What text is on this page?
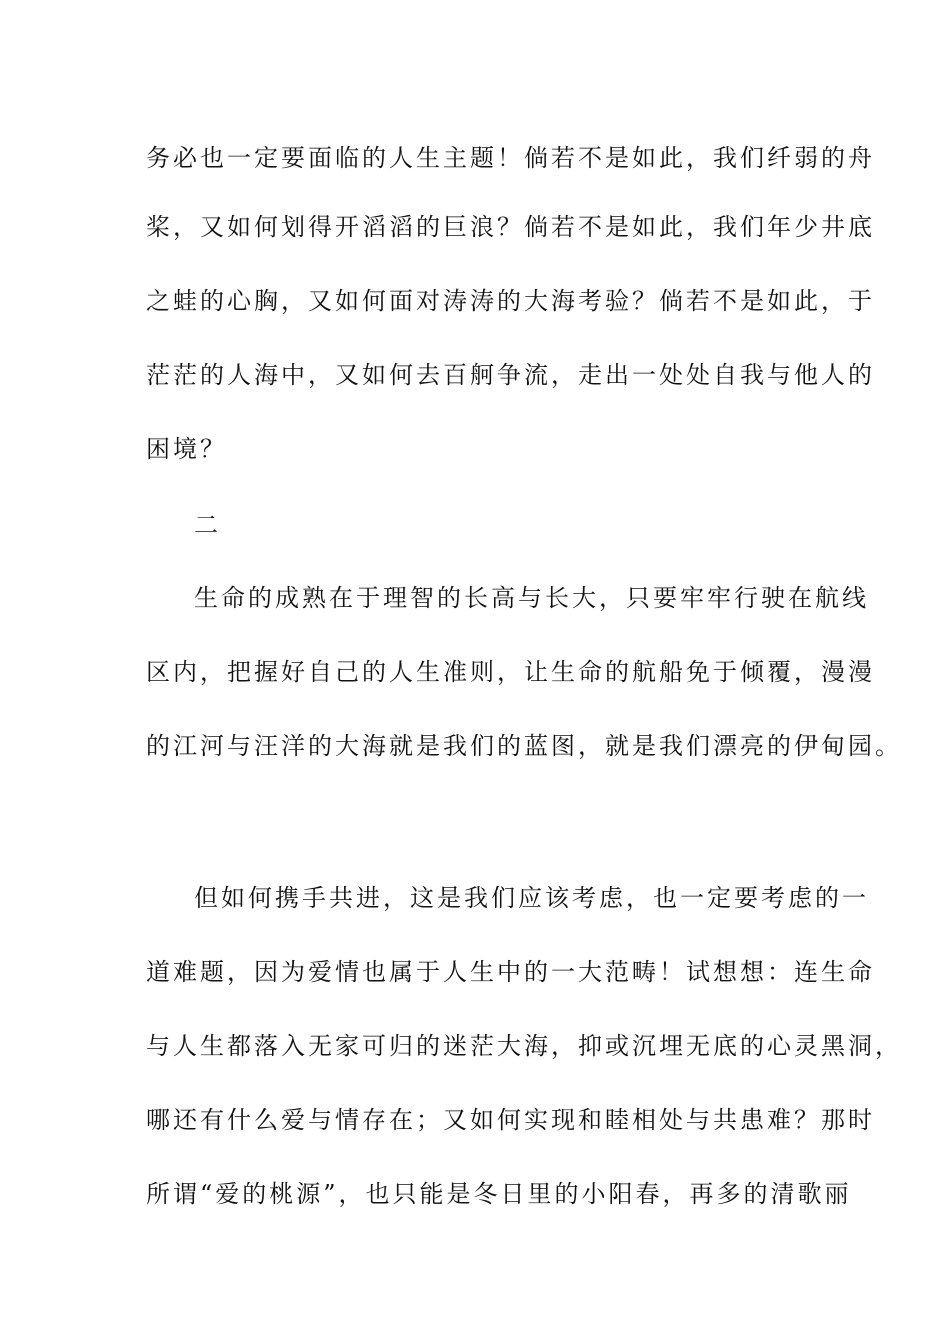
务必也一定要面临的人生主题！倘若不是如此，我们纤弱的舟
桨，又如何划得开滔滔的巨浪？倘若不是如此，我们年少井底
之蛙的心胸，又如何面对涛涛的大海考验？倘若不是如此，于
茫茫的人海中，又如何去百舸争流，走出一处处自我与他人的
困境？
二
生命的成熟在于理智的长高与长大，只要牢牢行驶在航线
区内，把握好自己的人生准则，让生命的航船免于倾覆，漫漫
的江河与汪洋的大海就是我们的蓝图，就是我们漂亮的伊甸园。
但如何携手共进，这是我们应该考虑，也一定要考虑的一
道难题，因为爱情也属于人生中的一大范畴！试想想：连生命
与人生都落入无家可归的迷茫大海，抑或沉埋无底的心灵黑洞，
哪还有什么爱与情存在；又如何实现和睦相处与共患难？那时
所谓“爱的桃源”，也只能是冬日里的小阳春，再多的清歌丽
